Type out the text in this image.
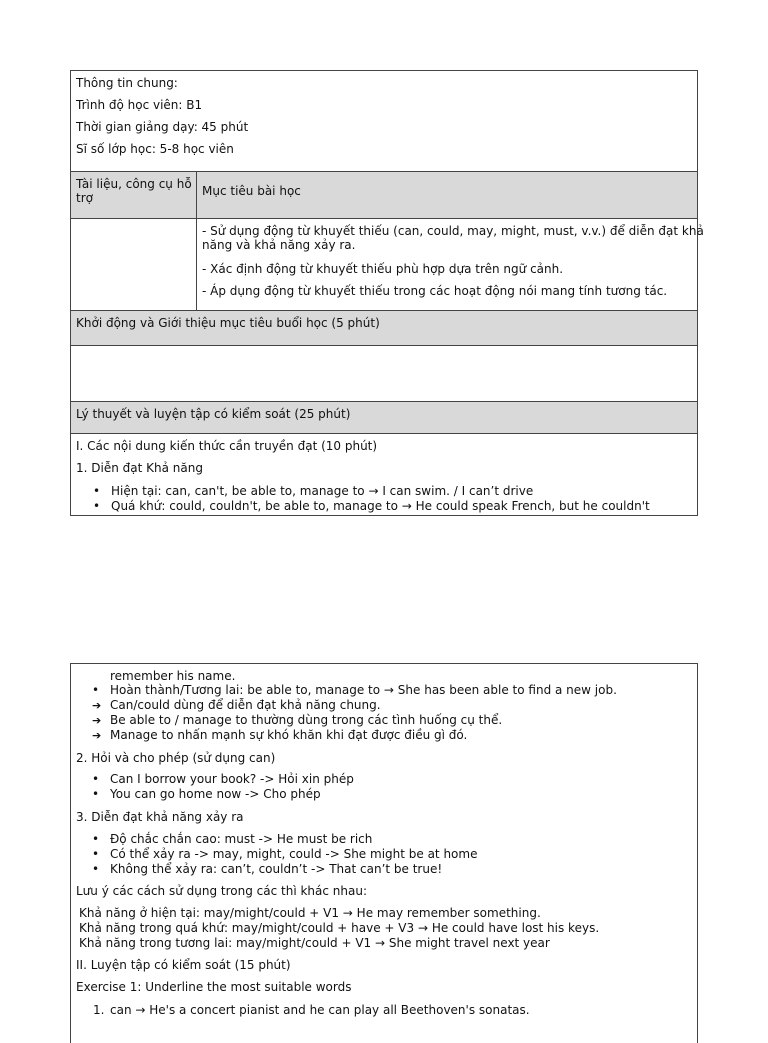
Thông tin chung:
Trình độ học viên: B1
Thời gian giảng dạy: 45 phút
Sĩ số lớp học: 5-8 học viên
Tài liệu, công cụ hỗ
trợ	Mục tiêu bài học
- Sử dụng động từ khuyết thiếu (can, could, may, might, must, v.v.) để diễn đạt khả
năng và khả năng xảy ra.
- Xác định động từ khuyết thiếu phù hợp dựa trên ngữ cảnh.
- Áp dụng động từ khuyết thiếu trong các hoạt động nói mang tính tương tác.
Khởi động và Giới thiệu mục tiêu buổi học (5 phút)
Lý thuyết và luyện tập có kiểm soát (25 phút)
I. Các nội dung kiến thức cần truyền đạt (10 phút)
1. Diễn đạt Khả năng
• Hiện tại: can, can't, be able to, manage to → I can swim. / I can’t drive
• Quá khứ: could, couldn't, be able to, manage to → He could speak French, but he couldn't
remember his name.
• Hoàn thành/Tương lai: be able to, manage to → She has been able to find a new job.
➔ Can/could dùng để diễn đạt khả năng chung.
➔ Be able to / manage to thường dùng trong các tình huống cụ thể.
➔ Manage to nhấn mạnh sự khó khăn khi đạt được điều gì đó.
2. Hỏi và cho phép (sử dụng can)
• Can I borrow your book? -> Hỏi xin phép
• You can go home now -> Cho phép
3. Diễn đạt khả năng xảy ra
• Độ chắc chắn cao: must -> He must be rich
• Có thể xảy ra -> may, might, could -> She might be at home
• Không thể xảy ra: can’t, couldn’t -> That can’t be true!
Lưu ý các cách sử dụng trong các thì khác nhau:
Khả năng ở hiện tại: may/might/could + V1 → He may remember something.
Khả năng trong quá khứ: may/might/could + have + V3 → He could have lost his keys.
Khả năng trong tương lai: may/might/could + V1 → She might travel next year
II. Luyện tập có kiểm soát (15 phút)
Exercise 1: Underline the most suitable words
1. can → He's a concert pianist and he can play all Beethoven's sonatas.
